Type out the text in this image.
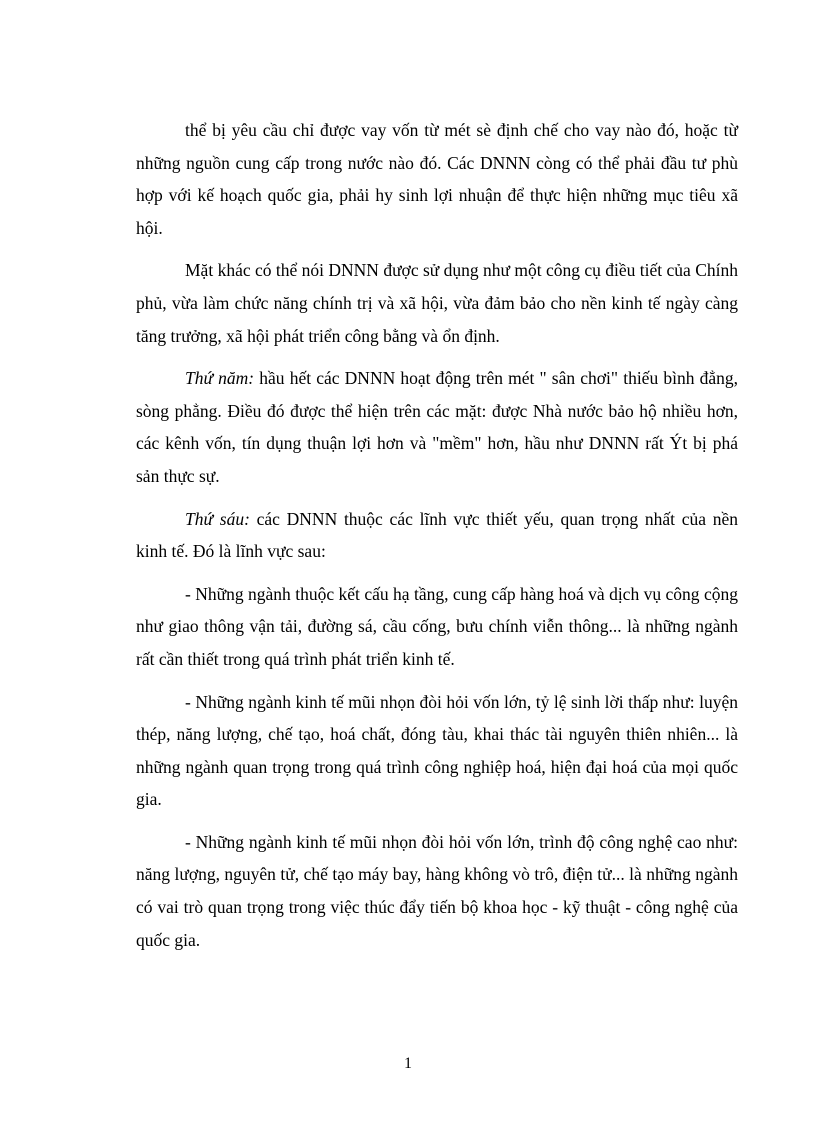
thể bị yêu cầu chỉ được vay vốn từ mét sè định chế cho vay nào đó, hoặc từ những nguồn cung cấp trong nước nào đó. Các DNNN còng có thể phải đầu tư phù hợp với kế hoạch quốc gia, phải hy sinh lợi nhuận để thực hiện những mục tiêu xã hội.

Mặt khác có thể nói DNNN được sử dụng như một công cụ điều tiết của Chính phủ, vừa làm chức năng chính trị và xã hội, vừa đảm bảo cho nền kinh tế ngày càng tăng trưởng, xã hội phát triển công bằng và ổn định.

Thứ năm: hầu hết các DNNN hoạt động trên mét " sân chơi" thiếu bình đẳng, sòng phẳng. Điều đó được thể hiện trên các mặt: được Nhà nước bảo hộ nhiều hơn, các kênh vốn, tín dụng thuận lợi hơn và "mềm" hơn, hầu như DNNN rất Ýt bị phá sản thực sự.

Thứ sáu: các DNNN thuộc các lĩnh vực thiết yếu, quan trọng nhất của nền kinh tế. Đó là lĩnh vực sau:

- Những ngành thuộc kết cấu hạ tầng, cung cấp hàng hoá và dịch vụ công cộng như giao thông vận tải, đường sá, cầu cống, bưu chính viễn thông... là những ngành rất cần thiết trong quá trình phát triển kinh tế.

- Những ngành kinh tế mũi nhọn đòi hỏi vốn lớn, tỷ lệ sinh lời thấp như: luyện thép, năng lượng, chế tạo, hoá chất, đóng tàu, khai thác tài nguyên thiên nhiên... là những ngành quan trọng trong quá trình công nghiệp hoá, hiện đại hoá của mọi quốc gia.

- Những ngành kinh tế mũi nhọn đòi hỏi vốn lớn, trình độ công nghệ cao như: năng lượng, nguyên tử, chế tạo máy bay, hàng không vò trô, điện tử... là những ngành có vai trò quan trọng trong việc thúc đẩy tiến bộ khoa học - kỹ thuật - công nghệ của quốc gia.

1
